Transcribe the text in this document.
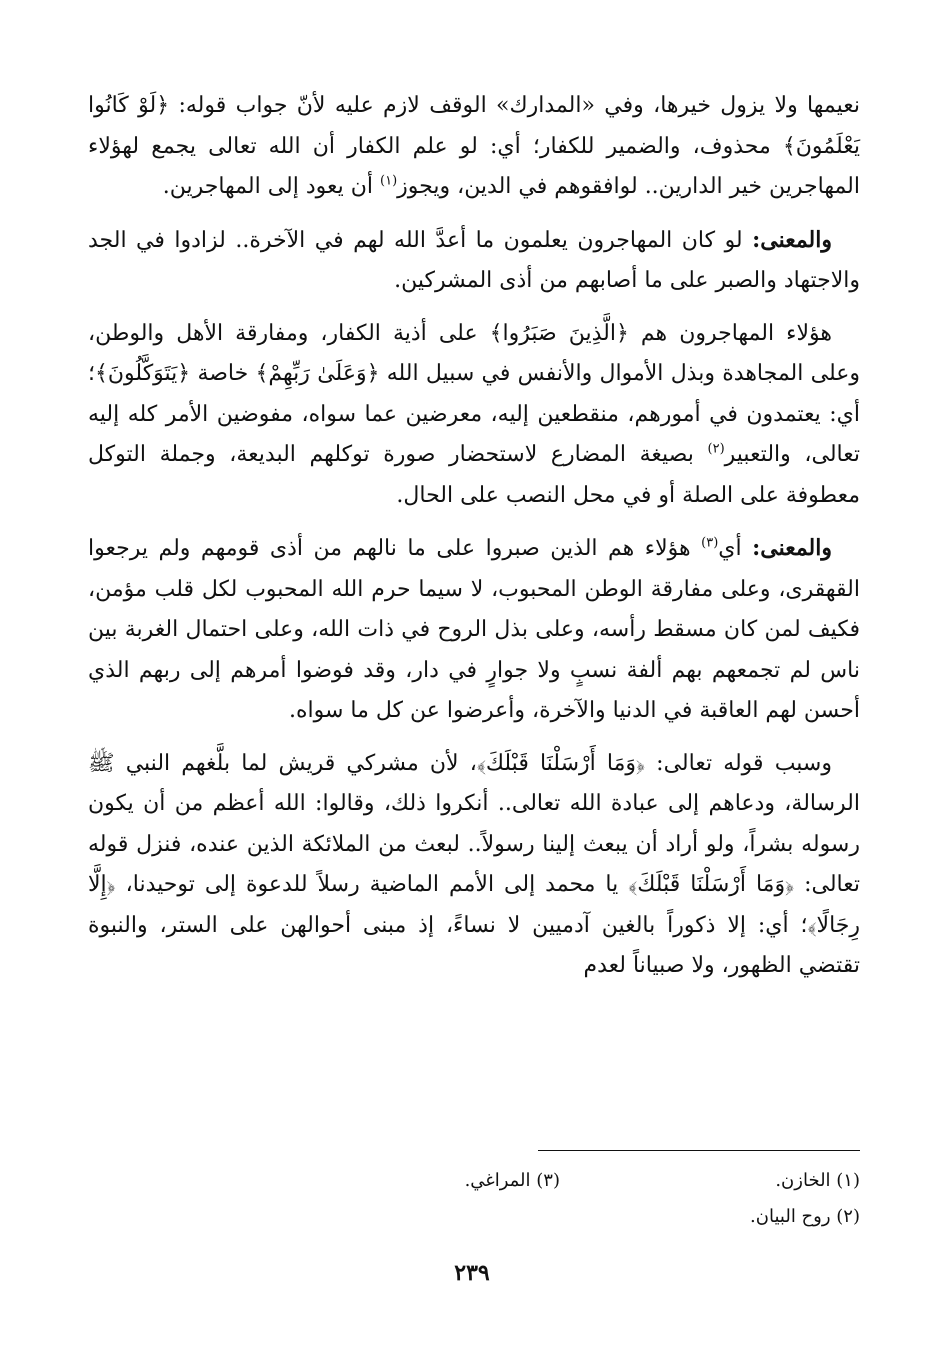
نعيمها ولا يزول خيرها، وفي «المدارك» الوقف لازم عليه لأنّ جواب قوله: ﴿لَوْ كَانُوا يَعْلَمُونَ﴾ محذوف، والضمير للكفار؛ أي: لو علم الكفار أن الله تعالى يجمع لهؤلاء المهاجرين خير الدارين.. لوافقوهم في الدين، ويجوز$^{(١)}$ أن يعود إلى المهاجرين.

والمعنى: لو كان المهاجرون يعلمون ما أعدَّ الله لهم في الآخرة.. لزادوا في الجد والاجتهاد والصبر على ما أصابهم من أذى المشركين.

هؤلاء المهاجرون هم ﴿الَّذِينَ صَبَرُوا﴾ على أذية الكفار، ومفارقة الأهل والوطن، وعلى المجاهدة وبذل الأموال والأنفس في سبيل الله ﴿وَعَلَىٰ رَبِّهِمْ﴾ خاصة ﴿يَتَوَكَّلُونَ﴾؛ أي: يعتمدون في أمورهم، منقطعين إليه، معرضين عما سواه، مفوضين الأمر كله إليه تعالى، والتعبير$^{(٢)}$ بصيغة المضارع لاستحضار صورة توكلهم البديعة، وجملة التوكل معطوفة على الصلة أو في محل النصب على الحال.

والمعنى: أي$^{(٣)}$ هؤلاء هم الذين صبروا على ما نالهم من أذى قومهم ولم يرجعوا القهقرى، وعلى مفارقة الوطن المحبوب، لا سيما حرم الله المحبوب لكل قلب مؤمن، فكيف لمن كان مسقط رأسه، وعلى بذل الروح في ذات الله، وعلى احتمال الغربة بين ناس لم تجمعهم بهم ألفة نسبٍ ولا جوارٍ في دار، وقد فوضوا أمرهم إلى ربهم الذي أحسن لهم العاقبة في الدنيا والآخرة، وأعرضوا عن كل ما سواه.

وسبب قوله تعالى: ﴿وَمَا أَرْسَلْنَا قَبْلَكَ﴾، لأن مشركي قريش لما بلَّغهم النبي ﷺ الرسالة، ودعاهم إلى عبادة الله تعالى.. أنكروا ذلك، وقالوا: الله أعظم من أن يكون رسوله بشراً، ولو أراد أن يبعث إلينا رسولاً.. لبعث من الملائكة الذين عنده، فنزل قوله تعالى: ﴿وَمَا أَرْسَلْنَا قَبْلَكَ﴾ يا محمد إلى الأمم الماضية رسلاً للدعوة إلى توحيدنا، ﴿إِلَّا رِجَالًا﴾؛ أي: إلا ذكوراً بالغين آدميين لا نساءً، إذ مبنى أحوالهن على الستر، والنبوة تقتضي الظهور، ولا صبياناً لعدم

(١) الخازن.
(٣) المراغي.
(٢) روح البيان.
٢٣٩
